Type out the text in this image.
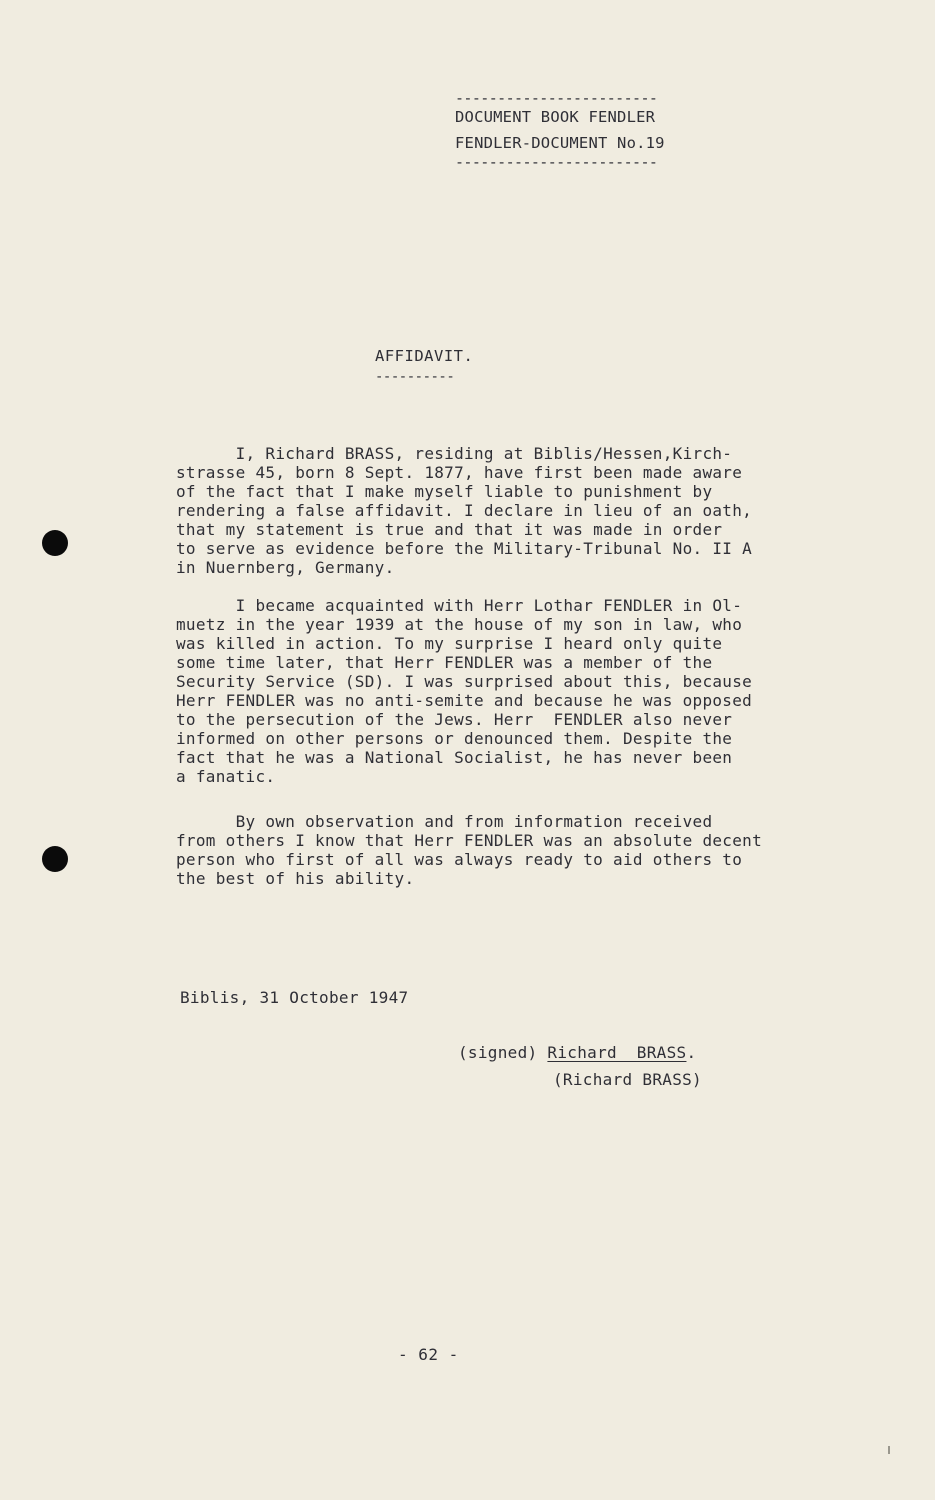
------------------------
DOCUMENT BOOK FENDLER
FENDLER-DOCUMENT No.19
------------------------
AFFIDAVIT.
----------
I, Richard BRASS, residing at Biblis/Hessen,Kirch-
strasse 45, born 8 Sept. 1877, have first been made aware
of the fact that I make myself liable to punishment by
rendering a false affidavit. I declare in lieu of an oath,
that my statement is true and that it was made in order
to serve as evidence before the Military-Tribunal No. II A
in Nuernberg, Germany.
I became acquainted with Herr Lothar FENDLER in Ol-
muetz in the year 1939 at the house of my son in law, who
was killed in action. To my surprise I heard only quite
some time later, that Herr FENDLER was a member of the
Security Service (SD). I was surprised about this, because
Herr FENDLER was no anti-semite and because he was opposed
to the persecution of the Jews. Herr  FENDLER also never
informed on other persons or denounced them. Despite the
fact that he was a National Socialist, he has never been
a fanatic.
By own observation and from information received
from others I know that Herr FENDLER was an absolute decent
person who first of all was always ready to aid others to
the best of his ability.
Biblis, 31 October 1947
(signed) Richard__BRASS.
(Richard BRASS)
- 62 -
